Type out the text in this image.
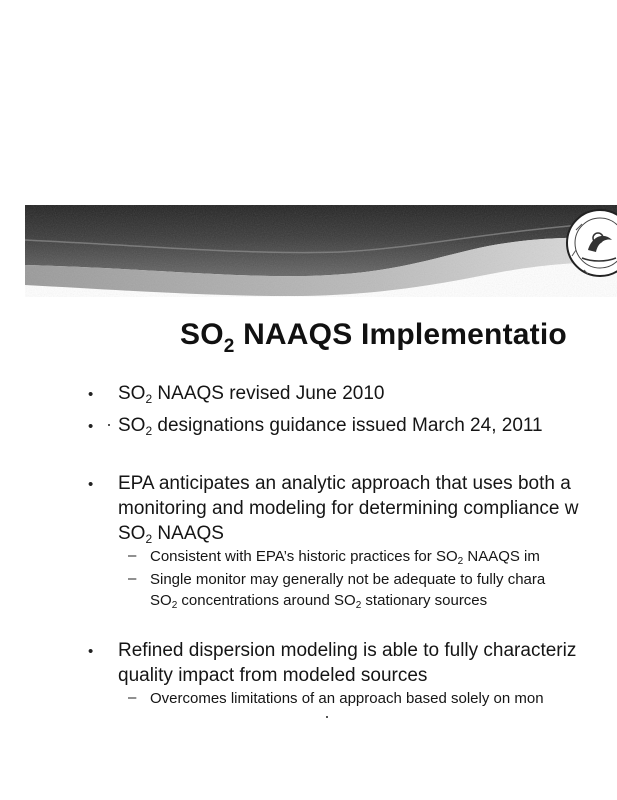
$SO_2$ NAAQS Implementatio
• $SO_2$ NAAQS revised June 2010
• $SO_2$ designations guidance issued March 24, 2011
• EPA anticipates an analytic approach that uses both a
monitoring and modeling for determining compliance w
$SO_2$ NAAQS
– Consistent with EPA’s historic practices for $SO_2$ NAAQS im
– Single monitor may generally not be adequate to fully chara
$SO_2$ concentrations around $SO_2$ stationary sources
• Refined dispersion modeling is able to fully characteriz
quality impact from modeled sources
– Overcomes limitations of an approach based solely on mon
